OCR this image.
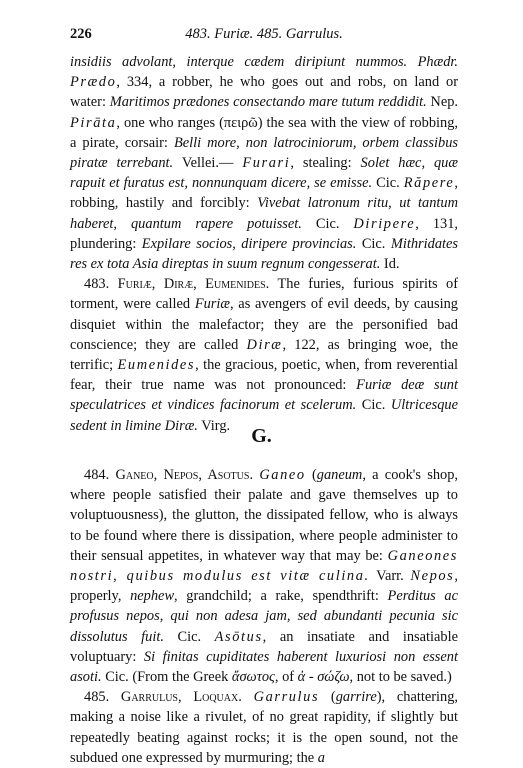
226	483. Furiæ. 485. Garrulus.

insidiis advolant, interque cædem diripiunt nummos. Phædr. Prædo, 334, a robber, he who goes out and robs, on land or water: Maritimos prædones consectando mare tutum reddidit. Nep. Pirāta, one who ranges (πειρῶ) the sea with the view of robbing, a pirate, corsair: Belli more, non latrociniorum, orbem classibus piratæ terrebant. Vellei.— Furari, stealing: Solet hæc, quæ rapuit et furatus est, nonnunquam dicere, se emisse. Cic. Răpere, robbing, hastily and forcibly: Vivebat latronum ritu, ut tantum haberet, quantum rapere potuisset. Cic. Diripere, 131, plundering: Expilare socios, diripere provincias. Cic. Mithridates res ex tota Asia direptas in suum regnum congesserat. Id.

483. Furiæ, Diræ, Eumenides. The furies, furious spirits of torment, were called Furiæ, as avengers of evil deeds, by causing disquiet within the malefactor; they are the personified bad conscience; they are called Diræ, 122, as bringing woe, the terrific; Eumenides, the gracious, poetic, when, from reverential fear, their true name was not pronounced: Furiæ deæ sunt speculatrices et vindices facinorum et scelerum. Cic. Ultricesque sedent in limine Diræ. Virg.	G.

484. Ganeo, Nepos, Asotus. Ganeo (ganeum, a cook's shop, where people satisfied their palate and gave themselves up to voluptuousness), the glutton, the dissipated fellow, who is always to be found where there is dissipation, where people administer to their sensual appetites, in whatever way that may be: Ganeones nostri, quibus modulus est vitæ culina. Varr. Nepos, properly, nephew, grandchild; a rake, spendthrift: Perditus ac profusus nepos, qui non adesa jam, sed abundanti pecunia sic dissolutus fuit. Cic. Asōtus, an insatiate and insatiable voluptuary: Si finitas cupiditates haberent luxuriosi non essent asoti. Cic. (From the Greek ἄσωτος, of ἀ - σώζω, not to be saved.)

485. Garrulus, Loquax. Garrulus (garrire), chattering, making a noise like a rivulet, of no great rapidity, if slightly but repeatedly beating against rocks; it is the open sound, not the subdued one expressed by murmuring; the a
